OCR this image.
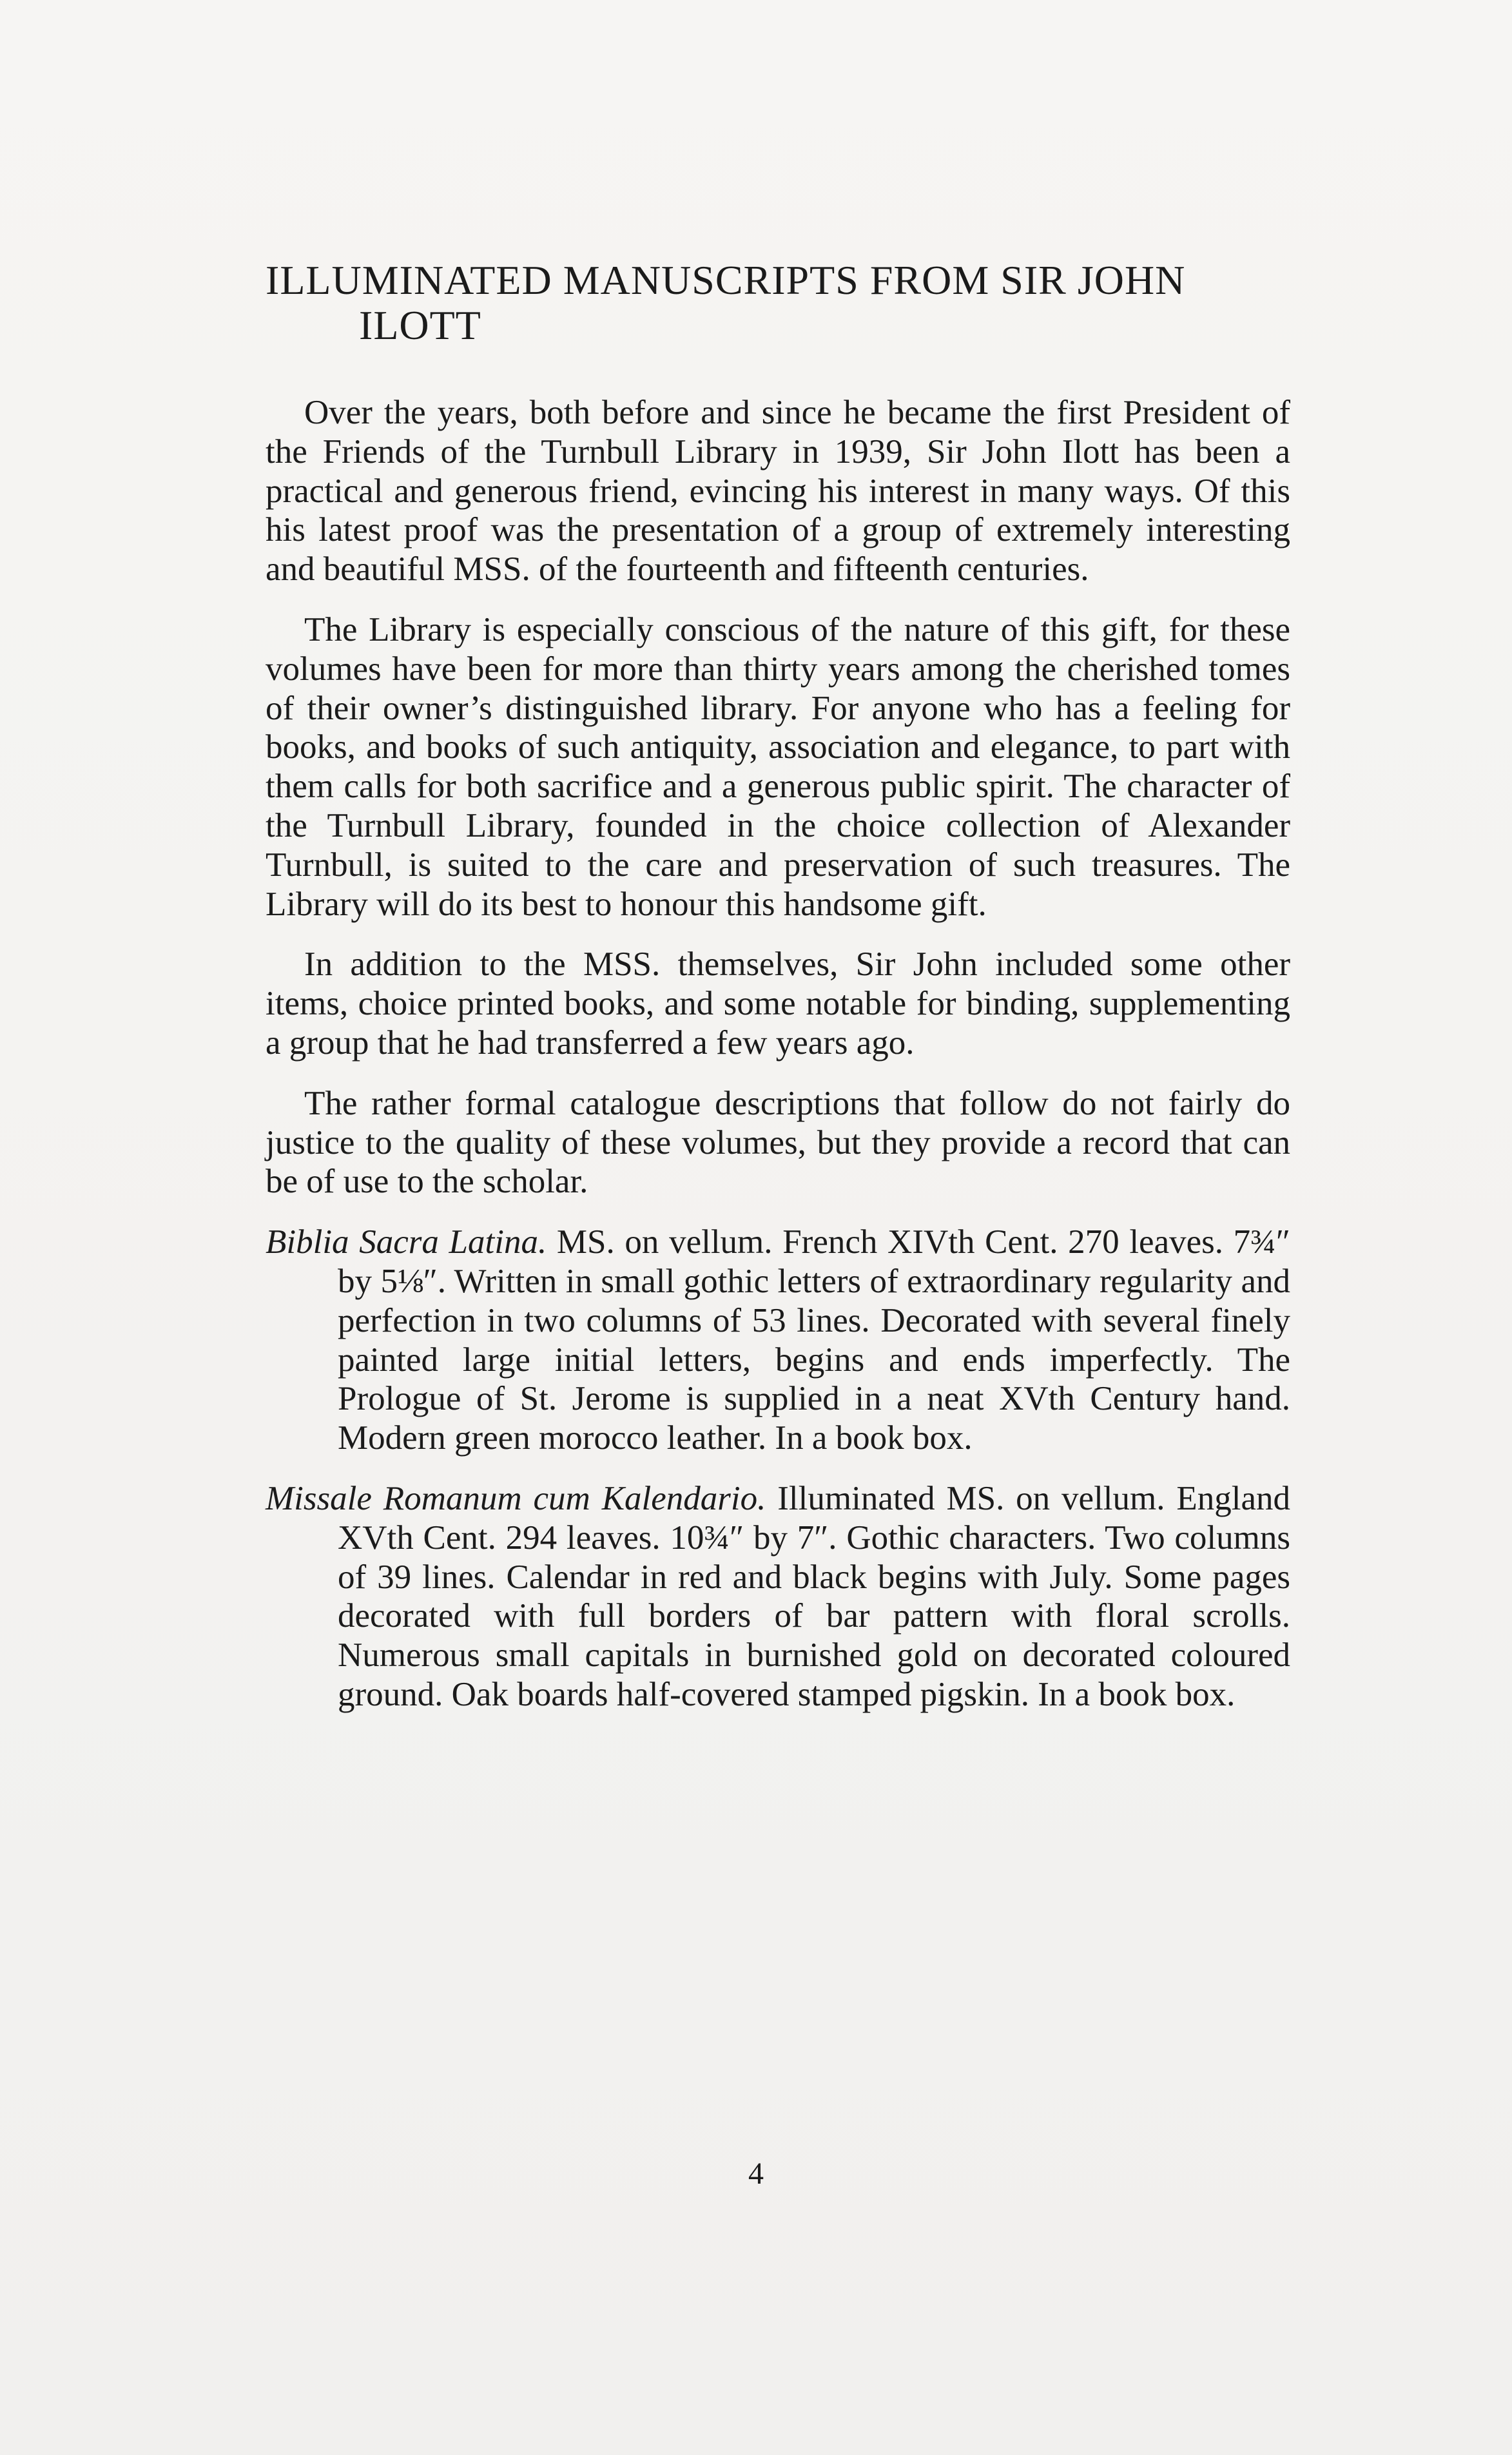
ILLUMINATED MANUSCRIPTS FROM SIR JOHN ILOTT

Over the years, both before and since he became the first President of the Friends of the Turnbull Library in 1939, Sir John Ilott has been a practical and generous friend, evincing his interest in many ways. Of this his latest proof was the presentation of a group of extremely interesting and beautiful MSS. of the fourteenth and fifteenth centuries.

The Library is especially conscious of the nature of this gift, for these volumes have been for more than thirty years among the cherished tomes of their owner’s distinguished library. For anyone who has a feeling for books, and books of such antiquity, association and elegance, to part with them calls for both sacrifice and a generous public spirit. The character of the Turnbull Library, founded in the choice collection of Alexander Turnbull, is suited to the care and preservation of such treasures. The Library will do its best to honour this handsome gift.

In addition to the MSS. themselves, Sir John included some other items, choice printed books, and some notable for binding, supplementing a group that he had transferred a few years ago.

The rather formal catalogue descriptions that follow do not fairly do justice to the quality of these volumes, but they provide a record that can be of use to the scholar.

Biblia Sacra Latina. MS. on vellum. French XIVth Cent. 270 leaves. 7¾″ by 5⅛″. Written in small gothic letters of extraordinary regularity and perfection in two columns of 53 lines. Decorated with several finely painted large initial letters, begins and ends imperfectly. The Prologue of St. Jerome is supplied in a neat XVth Century hand. Modern green morocco leather. In a book box.

Missale Romanum cum Kalendario. Illuminated MS. on vellum. England XVth Cent. 294 leaves. 10¾″ by 7″. Gothic characters. Two columns of 39 lines. Calendar in red and black begins with July. Some pages decorated with full borders of bar pattern with floral scrolls. Numerous small capitals in burnished gold on decorated coloured ground. Oak boards half-covered stamped pigskin. In a book box.

4
